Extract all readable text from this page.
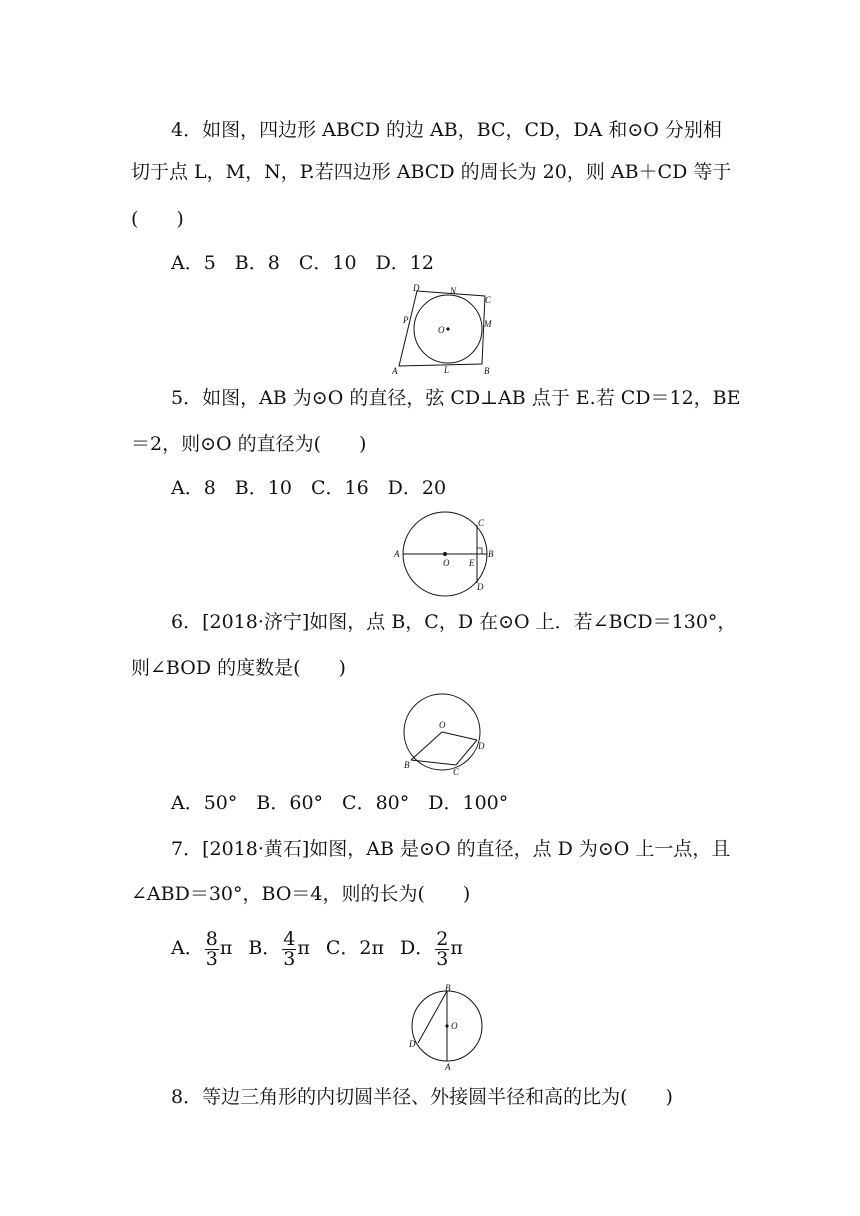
4．如图，四边形 ABCD 的边 AB，BC，CD，DA 和⊙O 分别相
切于点 L，M，N，P.若四边形 ABCD 的周长为 20，则 AB＋CD 等于
(　　)
A．5　B．8　C．10　D．12
A	B
C
D
O
L
M
N
P
5．如图，AB 为⊙O 的直径，弦 CD⊥AB 点于 E.若 CD＝12，BE
＝2，则⊙O 的直径为(　　)
A．8　B．10　C．16　D．20
A	B
C
D
O E
6．[2018·济宁]如图，点 B，C，D 在⊙O 上．若∠BCD＝130°，
则∠BOD 的度数是(　　)
O
B
C
D
A．50°　B．60°　C．80°　D．100°
7．[2018·黄石]如图，AB 是⊙O 的直径，点 D 为⊙O 上一点，且
∠ABD＝30°，BO＝4，则的长为(　　)
A． $\frac{8}{3}$ π B． $\frac{4}{3}$ π C．2π D． $\frac{2}{3}$ π
B
A
D
O
8．等边三角形的内切圆半径、外接圆半径和高的比为(　　)
